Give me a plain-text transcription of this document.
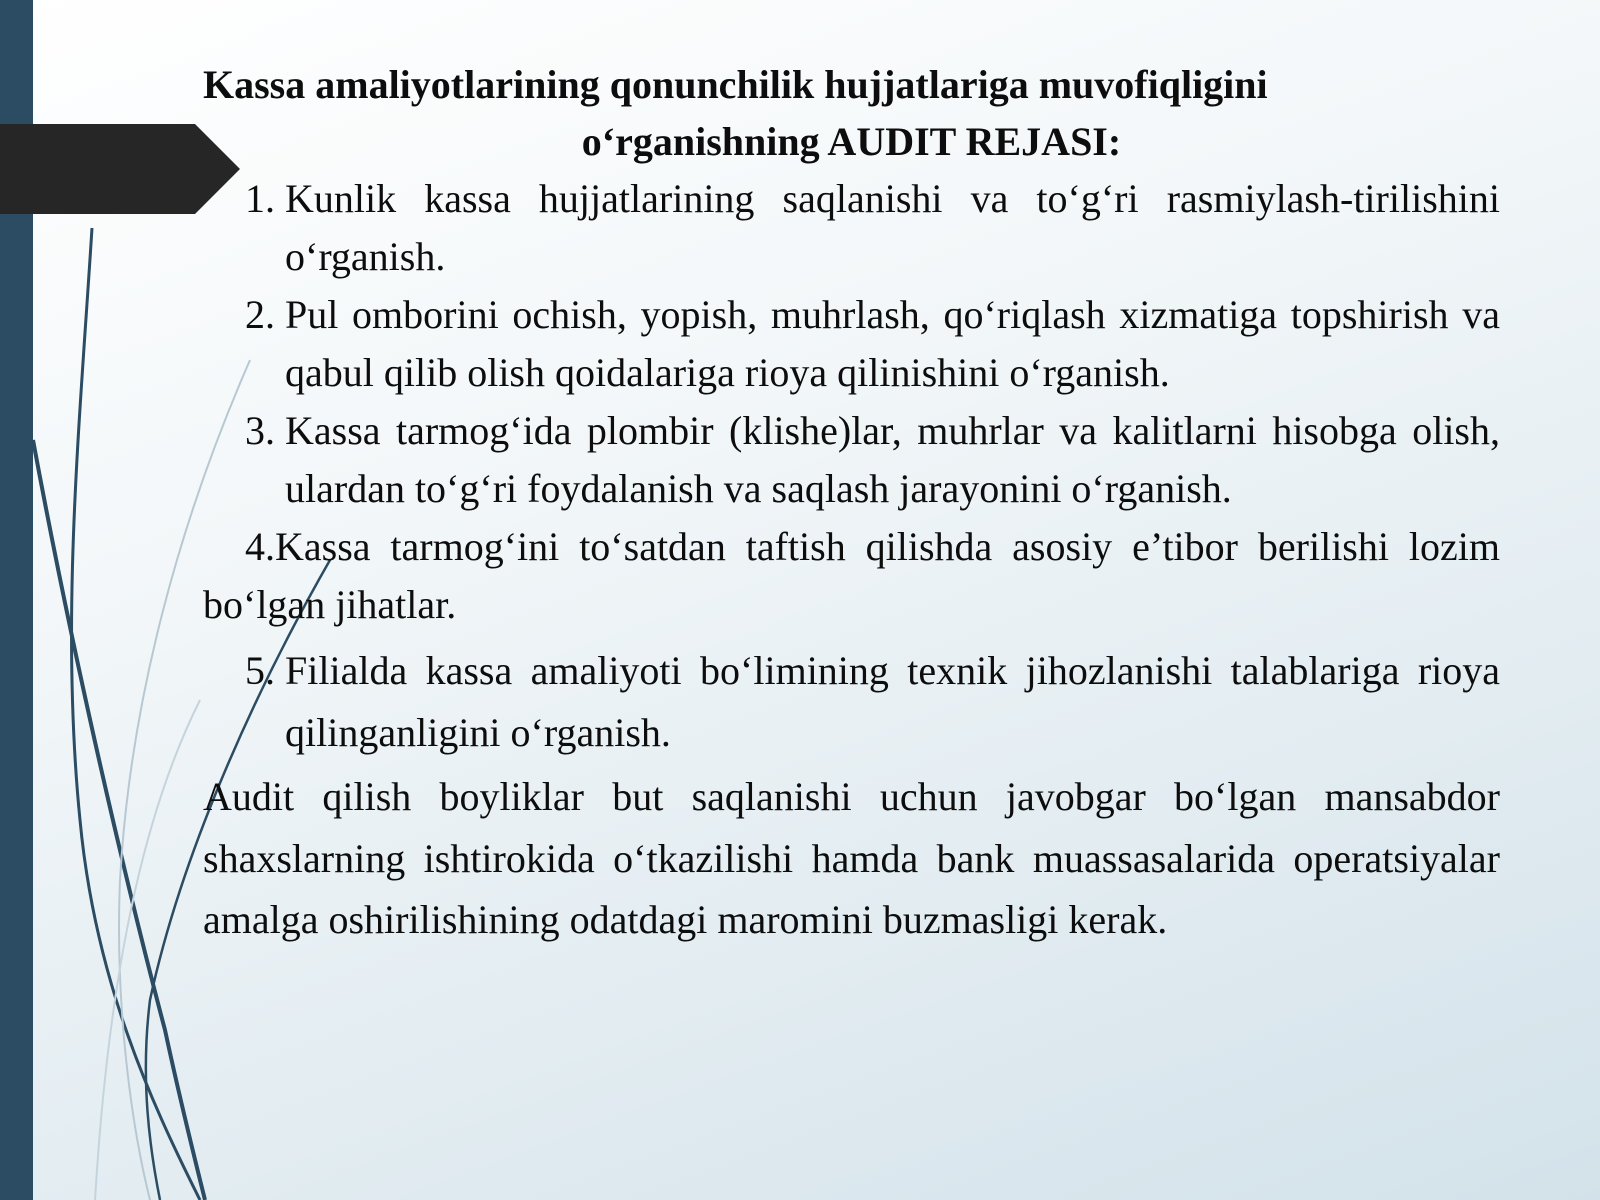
Kassa amaliyotlarining qonunchilik hujjatlariga muvofiqligini
o‘rganishning AUDIT REJASI:
1. Kunlik kassa hujjatlarining saqlanishi va to‘g‘ri rasmiylash-tirilishini o‘rganish.
2. Pul omborini ochish, yopish, muhrlash, qo‘riqlash xizmatiga topshirish va qabul qilib olish qoidalariga rioya qilinishini o‘rganish.
3. Kassa tarmog‘ida plombir (klishe)lar, muhrlar va kalitlarni hisobga olish, ulardan to‘g‘ri foydalanish va saqlash jarayonini o‘rganish.
4.Kassa tarmog‘ini to‘satdan taftish qilishda asosiy e’tibor berilishi lozim bo‘lgan jihatlar.
5. Filialda kassa amaliyoti bo‘limining texnik jihozlanishi talablariga rioya qilinganligini o‘rganish.

Audit qilish boyliklar but saqlanishi uchun javobgar bo‘lgan mansabdor shaxslarning ishtirokida o‘tkazilishi hamda bank muassasalarida operatsiyalar amalga oshirilishining odatdagi maromini buzmasligi kerak.
